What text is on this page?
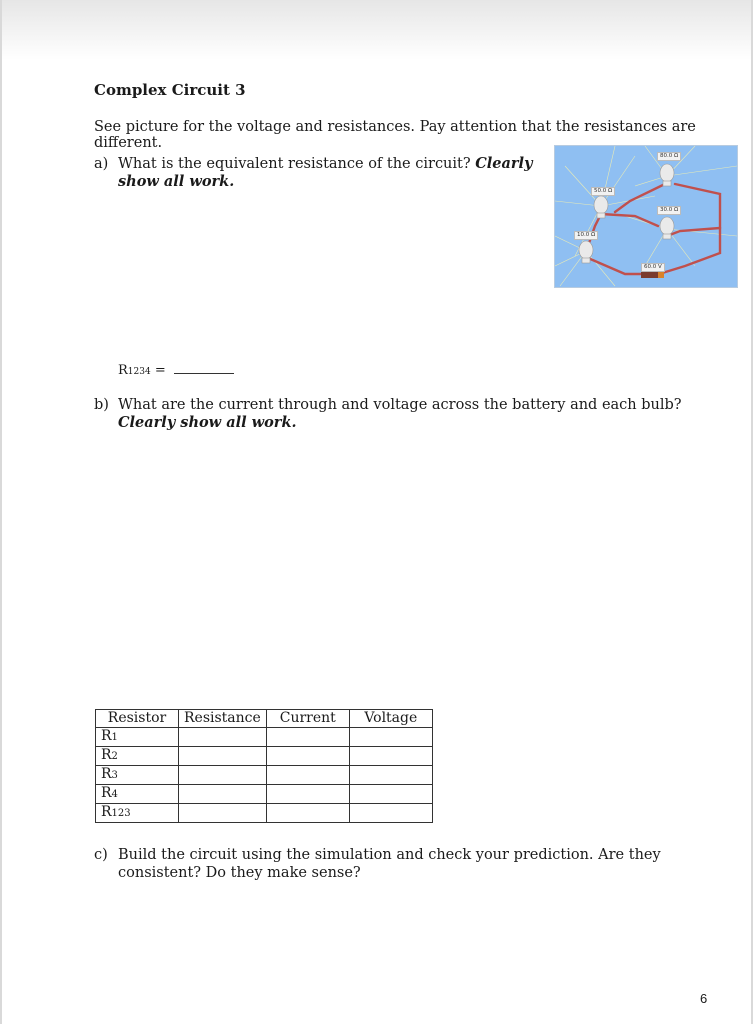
Complex Circuit 3

See picture for the voltage and resistances. Pay attention that the resistances are different.

a) What is the equivalent resistance of the circuit? Clearly show all work.
80.0 Ω
50.0 Ω
30.0 Ω
10.0 Ω
60.0 V
R1234 =
b) What are the current through and voltage across the battery and each bulb? Clearly show all work.
Resistor	Resistance	Current	Voltage
R1			
R2			
R3			
R4			
R123			
c) Build the circuit using the simulation and check your prediction. Are they consistent? Do they make sense?
6
